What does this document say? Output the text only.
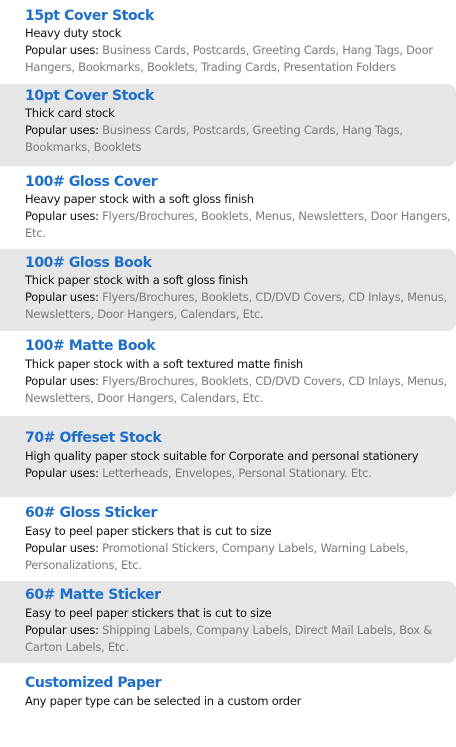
15pt Cover Stock
Heavy duty stock
Popular uses: Business Cards, Postcards, Greeting Cards, Hang Tags, Door Hangers, Bookmarks, Booklets, Trading Cards, Presentation Folders
10pt Cover Stock
Thick card stock
Popular uses: Business Cards, Postcards, Greeting Cards, Hang Tags, Bookmarks, Booklets
100# Gloss Cover
Heavy paper stock with a soft gloss finish
Popular uses: Flyers/Brochures, Booklets, Menus, Newsletters, Door Hangers, Etc.
100# Gloss Book
Thick paper stock with a soft gloss finish
Popular uses: Flyers/Brochures, Booklets, CD/DVD Covers, CD Inlays, Menus, Newsletters, Door Hangers, Calendars, Etc.
100# Matte Book
Thick paper stock with a soft textured matte finish
Popular uses: Flyers/Brochures, Booklets, CD/DVD Covers, CD Inlays, Menus, Newsletters, Door Hangers, Calendars, Etc.
70# Offeset Stock
High quality paper stock suitable for Corporate and personal stationery
Popular uses: Letterheads, Envelopes, Personal Stationary. Etc.
60# Gloss Sticker
Easy to peel paper stickers that is cut to size
Popular uses: Promotional Stickers, Company Labels, Warning Labels, Personalizations, Etc.
60# Matte Sticker
Easy to peel paper stickers that is cut to size
Popular uses: Shipping Labels, Company Labels, Direct Mail Labels, Box & Carton Labels, Etc.
Customized Paper
Any paper type can be selected in a custom order
